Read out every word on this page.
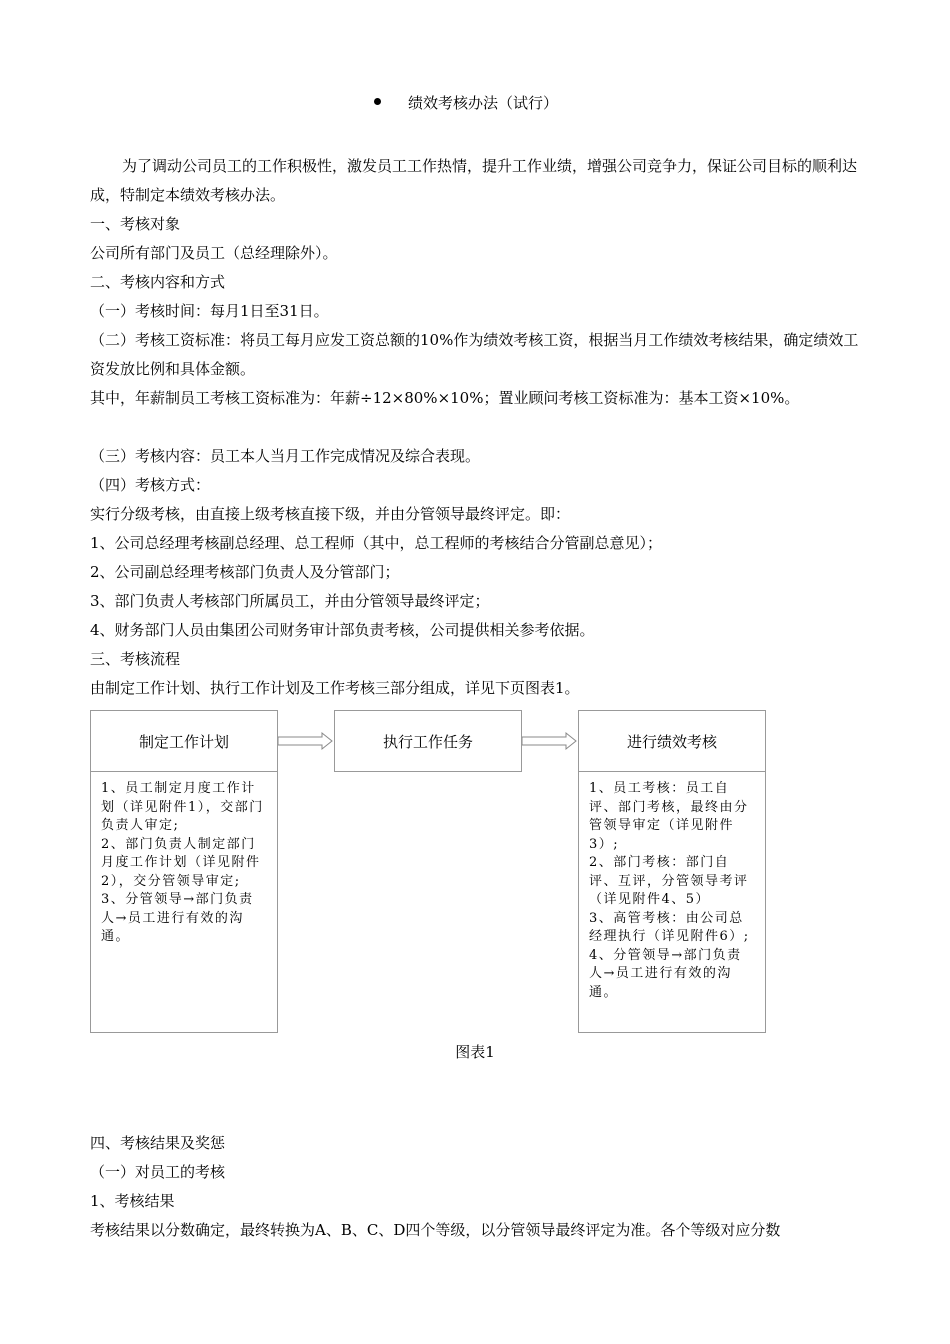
绩效考核办法（试行）
为了调动公司员工的工作积极性，激发员工工作热情，提升工作业绩，增强公司竞争力，保证公司目标的顺利达成，特制定本绩效考核办法。
一、考核对象
公司所有部门及员工（总经理除外）。
二、考核内容和方式
（一）考核时间：每月1日至31日。
（二）考核工资标准：将员工每月应发工资总额的10%作为绩效考核工资，根据当月工作绩效考核结果，确定绩效工资发放比例和具体金额。
其中，年薪制员工考核工资标准为：年薪÷12×80%×10%；置业顾问考核工资标准为：基本工资×10%。
（三）考核内容：员工本人当月工作完成情况及综合表现。
（四）考核方式：
实行分级考核，由直接上级考核直接下级，并由分管领导最终评定。即：
1、公司总经理考核副总经理、总工程师（其中，总工程师的考核结合分管副总意见）；
2、公司副总经理考核部门负责人及分管部门；
3、部门负责人考核部门所属员工，并由分管领导最终评定；
4、财务部门人员由集团公司财务审计部负责考核，公司提供相关参考依据。
三、考核流程
由制定工作计划、执行工作计划及工作考核三部分组成，详见下页图表1。
制定工作计划
1、员工制定月度工作计划（详见附件1），交部门负责人审定;
2、部门负责人制定部门月度工作计划（详见附件2），交分管领导审定;
3、分管领导→部门负责人→员工进行有效的沟通。
执行工作任务	进行绩效考核
1、员工考核：员工自评、部门考核，最终由分管领导审定（详见附件3）;
2、部门考核：部门自评、互评，分管领导考评（详见附件4、5）
3、高管考核：由公司总经理执行（详见附件6）;
4、分管领导→部门负责人→员工进行有效的沟通。
图表1
四、考核结果及奖惩
（一）对员工的考核
1、考核结果
考核结果以分数确定，最终转换为A、B、C、D四个等级，以分管领导最终评定为准。各个等级对应分数
